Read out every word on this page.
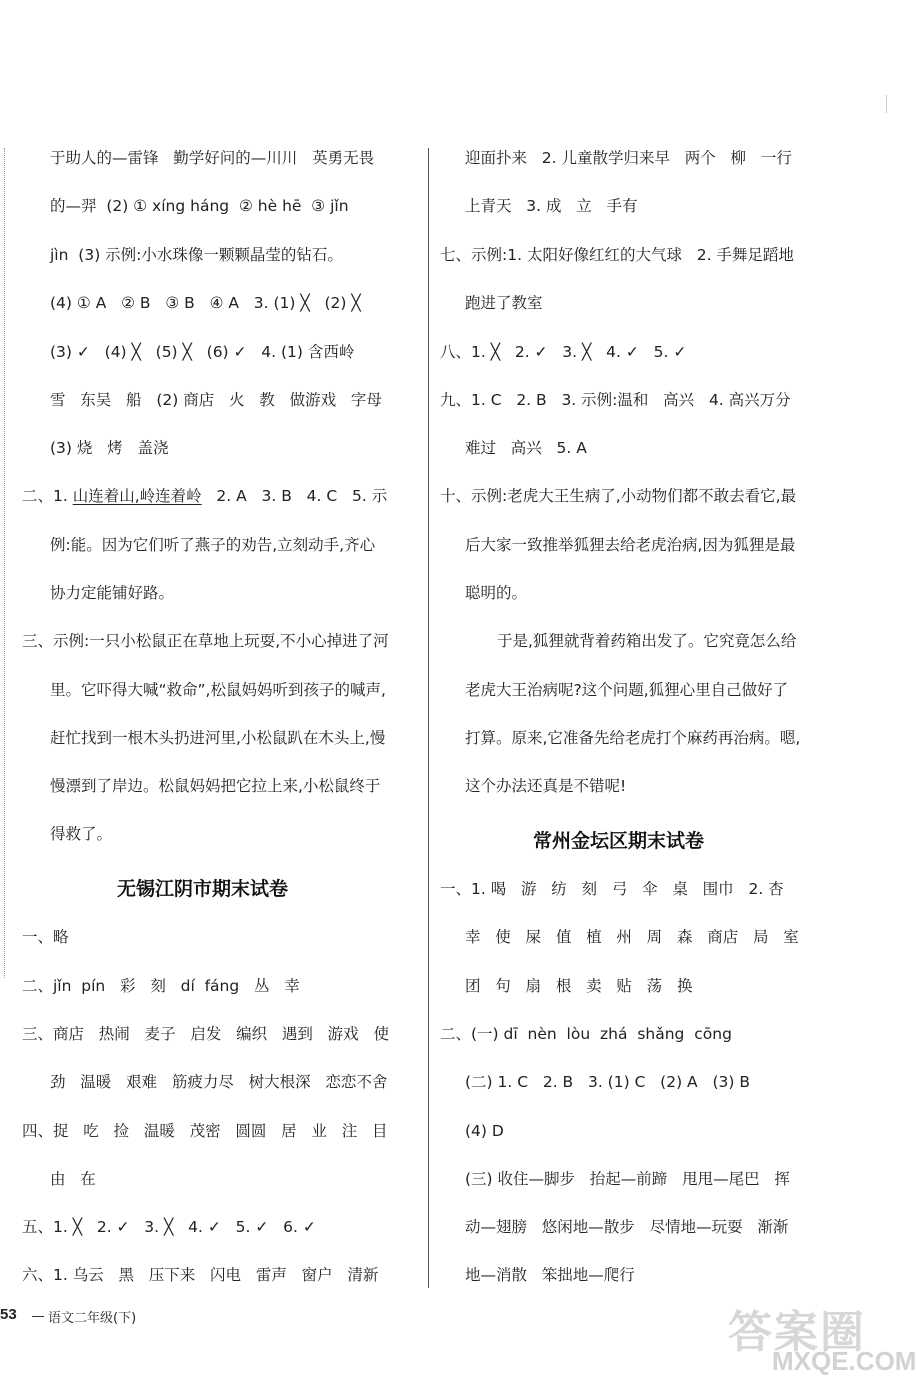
于助人的—雷锋   勤学好问的—川川   英勇无畏
的—羿  (2) ① xíng háng  ② hè hē  ③ jǐn
jìn  (3) 示例:小水珠像一颗颗晶莹的钻石。
(4) ① A   ② B   ③ B   ④ A   3. (1) ╳   (2) ╳
(3) ✓   (4) ╳   (5) ╳   (6) ✓   4. (1) 含西岭
雪   东吴   船   (2) 商店   火   教   做游戏   字母
(3) 烧   烤   盖浇
二、1. 山连着山,岭连着岭   2. A   3. B   4. C   5. 示
例:能。因为它们听了燕子的劝告,立刻动手,齐心
协力定能铺好路。
三、示例:一只小松鼠正在草地上玩耍,不小心掉进了河
里。它吓得大喊“救命”,松鼠妈妈听到孩子的喊声,
赶忙找到一根木头扔进河里,小松鼠趴在木头上,慢
慢漂到了岸边。松鼠妈妈把它拉上来,小松鼠终于
得救了。
无锡江阴市期末试卷
一、略
二、jǐn  pín   彩   刻   dí  fáng   丛   幸
三、商店   热闹   麦子   启发   编织   遇到   游戏   使
劲   温暖   艰难   筋疲力尽   树大根深   恋恋不舍
四、捉   吃   捡   温暖   茂密   圆圆   居   业   注   目
由   在
五、1. ╳   2. ✓   3. ╳   4. ✓   5. ✓   6. ✓
六、1. 乌云   黑   压下来   闪电   雷声   窗户   清新
迎面扑来   2. 儿童散学归来早   两个   柳   一行
上青天   3. 成   立   手有
七、示例:1. 太阳好像红红的大气球   2. 手舞足蹈地
跑进了教室
八、1. ╳   2. ✓   3. ╳   4. ✓   5. ✓
九、1. C   2. B   3. 示例:温和   高兴   4. 高兴万分
难过   高兴   5. A
十、示例:老虎大王生病了,小动物们都不敢去看它,最
后大家一致推举狐狸去给老虎治病,因为狐狸是最
聪明的。
于是,狐狸就背着药箱出发了。它究竟怎么给
老虎大王治病呢?这个问题,狐狸心里自己做好了
打算。原来,它准备先给老虎打个麻药再治病。嗯,
这个办法还真是不错呢!
常州金坛区期末试卷
一、1. 喝   游   纺   刻   弓   伞   桌   围巾   2. 杏
幸   使   屎   值   植   州   周   森   商店   局   室
团   句   扇   根   卖   贴   荡   换
二、(一) dī  nèn  lòu  zhá  shǎng  cōng
(二) 1. C   2. B   3. (1) C   (2) A   (3) B
(4) D
(三) 收住—脚步   抬起—前蹄   甩甩—尾巴   挥
动—翅膀   悠闲地—散步   尽情地—玩耍   渐渐
地—消散   笨拙地—爬行
53 语文二年级(下)	答案圈
MXQE.COM
